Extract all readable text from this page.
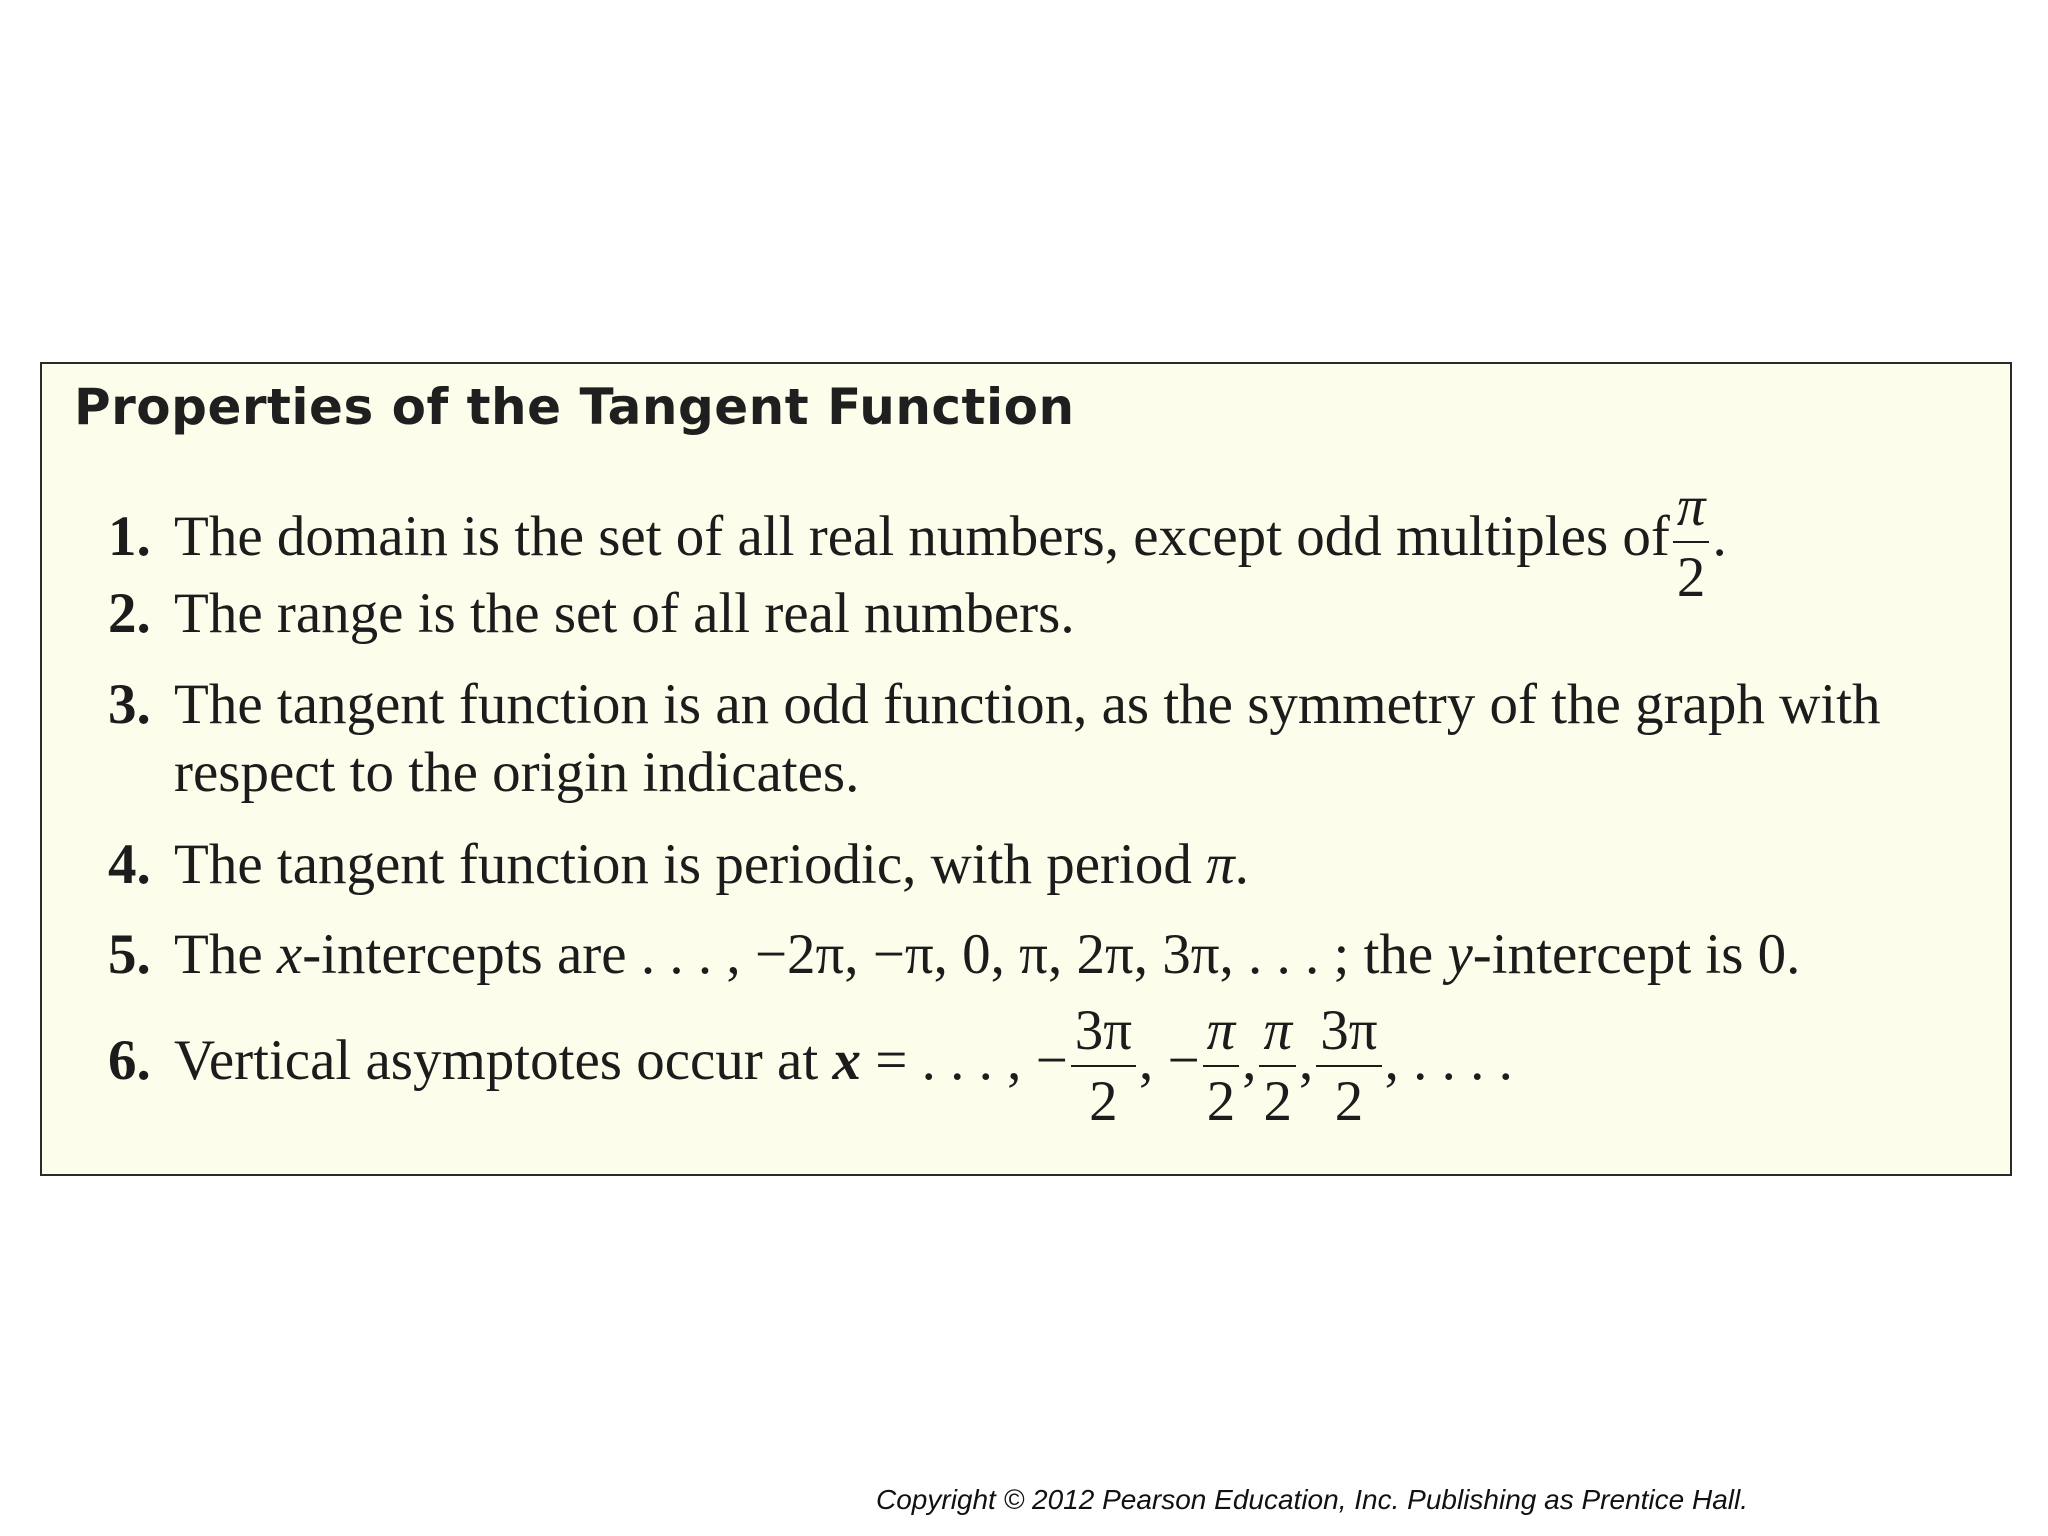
Properties of the Tangent Function
1. The domain is the set of all real numbers, except odd multiples of $\frac{\pi}{2}$ .
2. The range is the set of all real numbers.
3. The tangent function is an odd function, as the symmetry of the graph with
respect to the origin indicates.
4. The tangent function is periodic, with period π.
5. The x-intercepts are . . . , −2π, −π, 0, π, 2π, 3π, . . . ; the y-intercept is 0.
6. Vertical asymptotes occur at x = . . . , − $\frac{3\pi}{2}$ , − $\frac{\pi}{2}$ , $\frac{\pi}{2}$ , $\frac{3\pi}{2}$ , . . . .
Copyright © 2012 Pearson Education, Inc. Publishing as Prentice Hall.
